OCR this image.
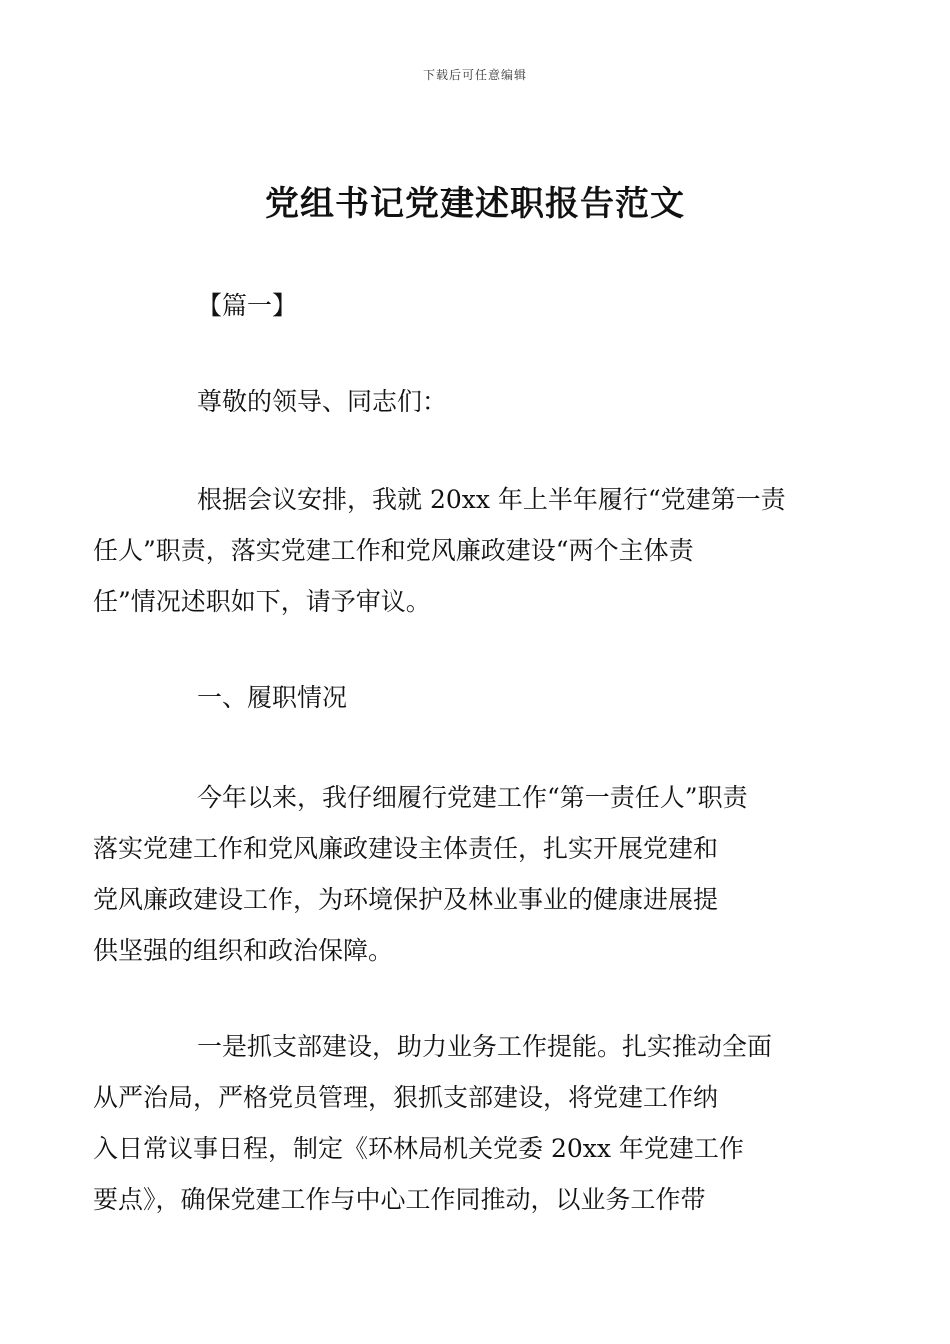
下载后可任意编辑
党组书记党建述职报告范文
【篇一】
尊敬的领导、同志们：
根据会议安排，我就 20xx 年上半年履行“党建第一责
任人”职责，落实党建工作和党风廉政建设“两个主体责
任”情况述职如下，请予审议。
一、履职情况
今年以来，我仔细履行党建工作“第一责任人”职责
落实党建工作和党风廉政建设主体责任，扎实开展党建和
党风廉政建设工作，为环境保护及林业事业的健康进展提
供坚强的组织和政治保障。
一是抓支部建设，助力业务工作提能。扎实推动全面
从严治局，严格党员管理，狠抓支部建设，将党建工作纳
入日常议事日程，制定《环林局机关党委 20xx 年党建工作
要点》，确保党建工作与中心工作同推动，以业务工作带
